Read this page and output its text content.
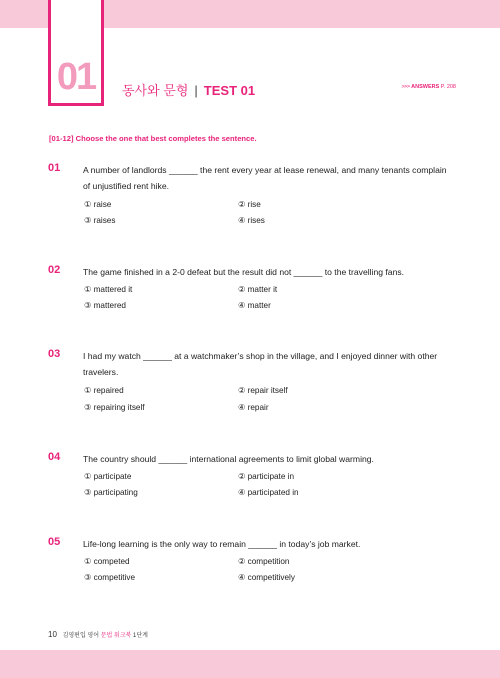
01	동사와 문형 | TEST 01	>>> ANSWERS P. 208
[01-12] Choose the one that best completes the sentence.
01	A number of landlords ______ the rent every year at lease renewal, and many tenants complain of unjustified rent hike.
① raise	② rise
③ raises	④ rises
02	The game finished in a 2-0 defeat but the result did not ______ to the travelling fans.
① mattered it	② matter it
③ mattered	④ matter
03	I had my watch ______ at a watchmaker’s shop in the village, and I enjoyed dinner with other travelers.
① repaired	② repair itself
③ repairing itself	④ repair
04	The country should ______ international agreements to limit global warming.
① participate	② participate in
③ participating	④ participated in
05	Life-long learning is the only way to remain ______ in today’s job market.
① competed	② competition
③ competitive	④ competitively
10 김영편입 영어 문법 워크북 1단계
